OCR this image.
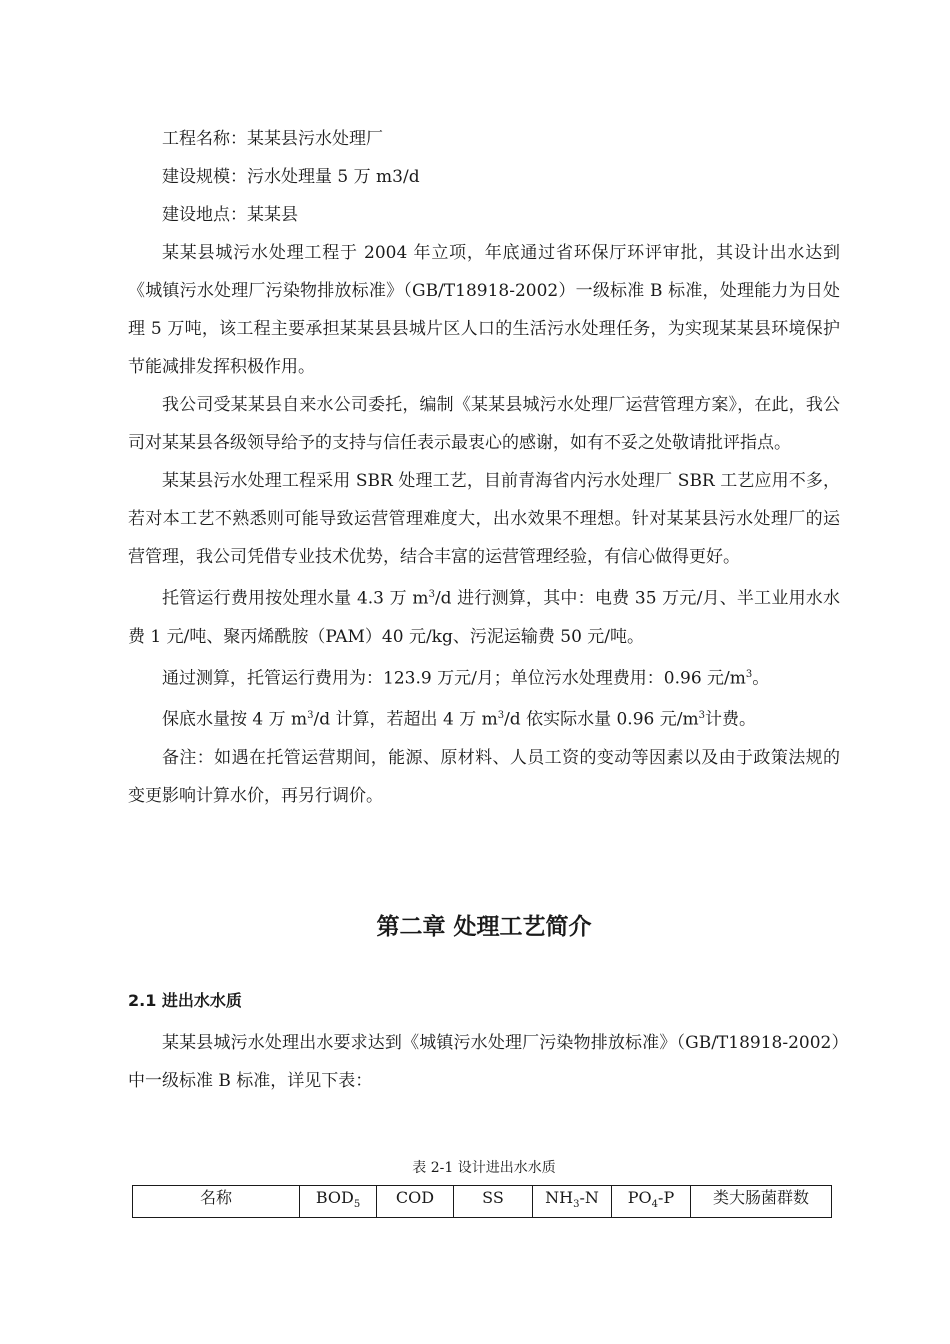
工程名称：某某县污水处理厂

建设规模：污水处理量 5 万 m3/d

建设地点：某某县

某某县城污水处理工程于 2004 年立项，年底通过省环保厅环评审批，其设计出水达到《城镇污水处理厂污染物排放标准》（GB/T18918-2002）一级标准 B 标准，处理能力为日处理 5 万吨，该工程主要承担某某县县城片区人口的生活污水处理任务，为实现某某县环境保护节能减排发挥积极作用。

我公司受某某县自来水公司委托，编制《某某县城污水处理厂运营管理方案》，在此，我公司对某某县各级领导给予的支持与信任表示最衷心的感谢，如有不妥之处敬请批评指点。

某某县污水处理工程采用 SBR 处理工艺，目前青海省内污水处理厂 SBR 工艺应用不多，若对本工艺不熟悉则可能导致运营管理难度大，出水效果不理想。针对某某县污水处理厂的运营管理，我公司凭借专业技术优势，结合丰富的运营管理经验，有信心做得更好。

托管运行费用按处理水量 4.3 万 $m^3/d$ 进行测算，其中：电费 35 万元/月、半工业用水水费 1 元/吨、聚丙烯酰胺（PAM）40 元/kg、污泥运输费 50 元/吨。

通过测算，托管运行费用为：123.9 万元/月；单位污水处理费用：0.96 元$/m^3$。

保底水量按 4 万 $m^3/d$ 计算，若超出 4 万 $m^3/d$ 依实际水量 0.96 元$/m^3$计费。

备注：如遇在托管运营期间，能源、原材料、人员工资的变动等因素以及由于政策法规的变更影响计算水价，再另行调价。

第二章 处理工艺简介
2.1 进出水水质

某某县城污水处理出水要求达到《城镇污水处理厂污染物排放标准》（GB/T18918-2002）中一级标准 B 标准，详见下表：

表 2-1 设计进出水水质
名称	$BOD_5$	COD	SS	$NH_3-N$	$PO_4-P$	类大肠菌群数
